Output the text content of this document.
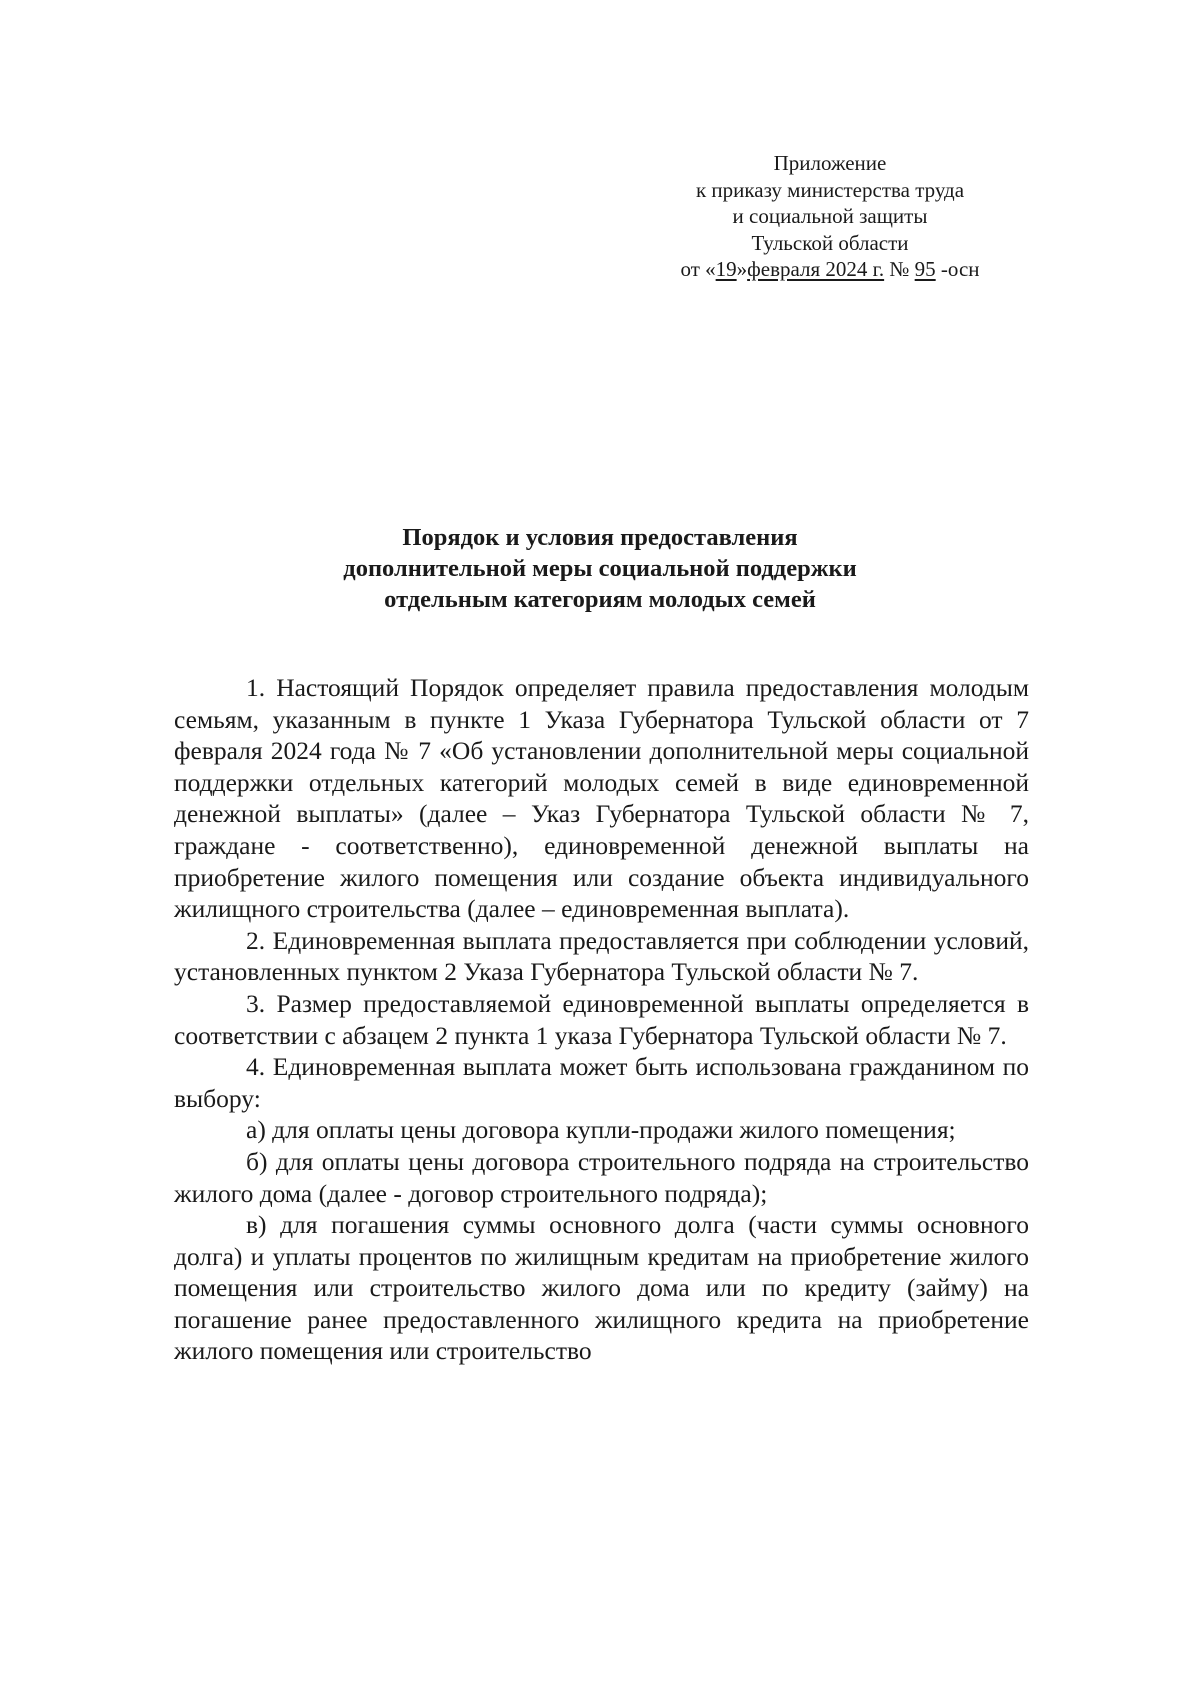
Приложение
к приказу министерства труда
и социальной защиты
Тульской области
от «19»февраля 2024 г. № 95 -осн
Порядок и условия предоставления
дополнительной меры социальной поддержки
отдельным категориям молодых семей

1. Настоящий Порядок определяет правила предоставления молодым семьям, указанным в пункте 1 Указа Губернатора Тульской области от 7 февраля 2024 года № 7 «Об установлении дополнительной меры социальной поддержки отдельных категорий молодых семей в виде единовременной денежной выплаты» (далее – Указ Губернатора Тульской области № 7, граждане - соответственно), единовременной денежной выплаты на приобретение жилого помещения или создание объекта индивидуального жилищного строительства (далее – единовременная выплата).

2. Единовременная выплата предоставляется при соблюдении условий, установленных пунктом 2 Указа Губернатора Тульской области № 7.

3. Размер предоставляемой единовременной выплаты определяется в соответствии с абзацем 2 пункта 1 указа Губернатора Тульской области № 7.

4. Единовременная выплата может быть использована гражданином по выбору:

а) для оплаты цены договора купли-продажи жилого помещения;

б) для оплаты цены договора строительного подряда на строительство жилого дома (далее - договор строительного подряда);

в) для погашения суммы основного долга (части суммы основного долга) и уплаты процентов по жилищным кредитам на приобретение жилого помещения или строительство жилого дома или по кредиту (займу) на погашение ранее предоставленного жилищного кредита на приобретение жилого помещения или строительство
